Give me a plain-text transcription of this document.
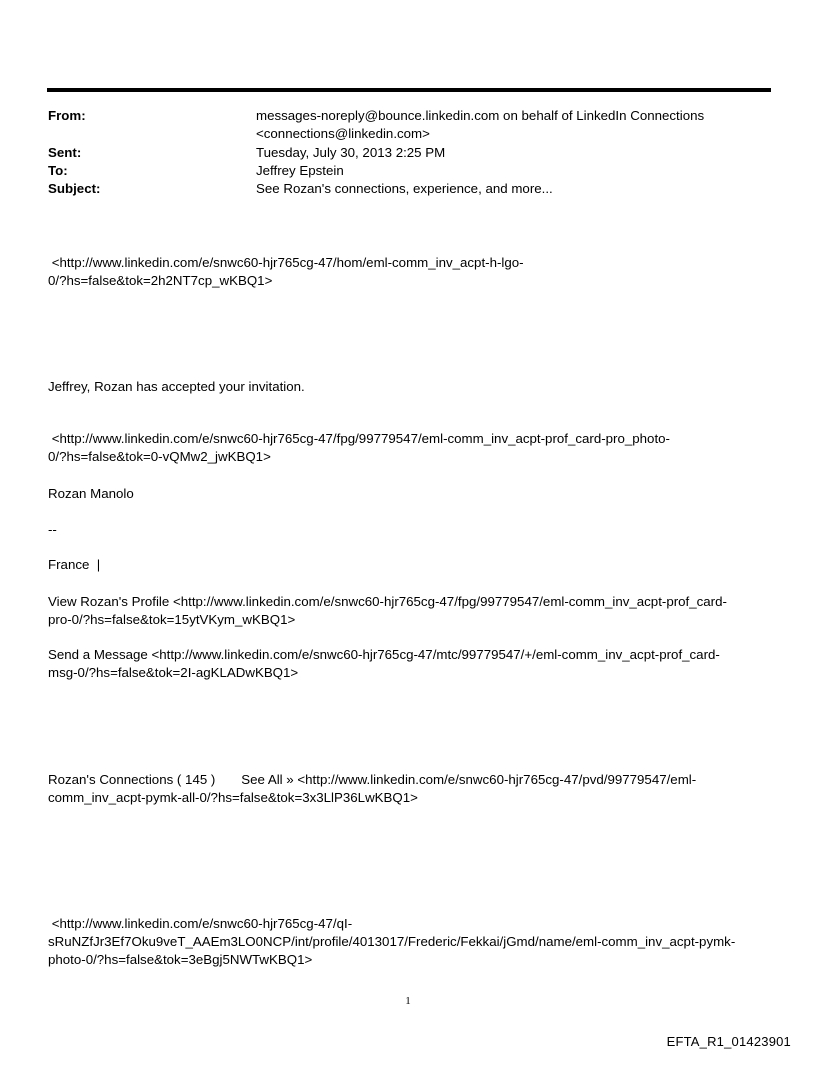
From:	messages-noreply@bounce.linkedin.com on behalf of LinkedIn Connections
<connections@linkedin.com>
Sent:	Tuesday, July 30, 2013 2:25 PM
To:	Jeffrey Epstein
Subject:	See Rozan's connections, experience, and more...
<http://www.linkedin.com/e/snwc60-hjr765cg-47/hom/eml-comm_inv_acpt-h-lgo-
0/?hs=false&tok=2h2NT7cp_wKBQ1>
Jeffrey, Rozan has accepted your invitation.
<http://www.linkedin.com/e/snwc60-hjr765cg-47/fpg/99779547/eml-comm_inv_acpt-prof_card-pro_photo-
0/?hs=false&tok=0-vQMw2_jwKBQ1>
Rozan Manolo
--
France  |
View Rozan's Profile <http://www.linkedin.com/e/snwc60-hjr765cg-47/fpg/99779547/eml-comm_inv_acpt-prof_card-
pro-0/?hs=false&tok=15ytVKym_wKBQ1>
Send a Message <http://www.linkedin.com/e/snwc60-hjr765cg-47/mtc/99779547/+/eml-comm_inv_acpt-prof_card-
msg-0/?hs=false&tok=2I-agKLADwKBQ1>
Rozan's Connections ( 145 )       See All » <http://www.linkedin.com/e/snwc60-hjr765cg-47/pvd/99779547/eml-
comm_inv_acpt-pymk-all-0/?hs=false&tok=3x3LlP36LwKBQ1>
<http://www.linkedin.com/e/snwc60-hjr765cg-47/qI-
sRuNZfJr3Ef7Oku9veT_AAEm3LO0NCP/int/profile/4013017/Frederic/Fekkai/jGmd/name/eml-comm_inv_acpt-pymk-
photo-0/?hs=false&tok=3eBgj5NWTwKBQ1>
1
EFTA_R1_01423901
